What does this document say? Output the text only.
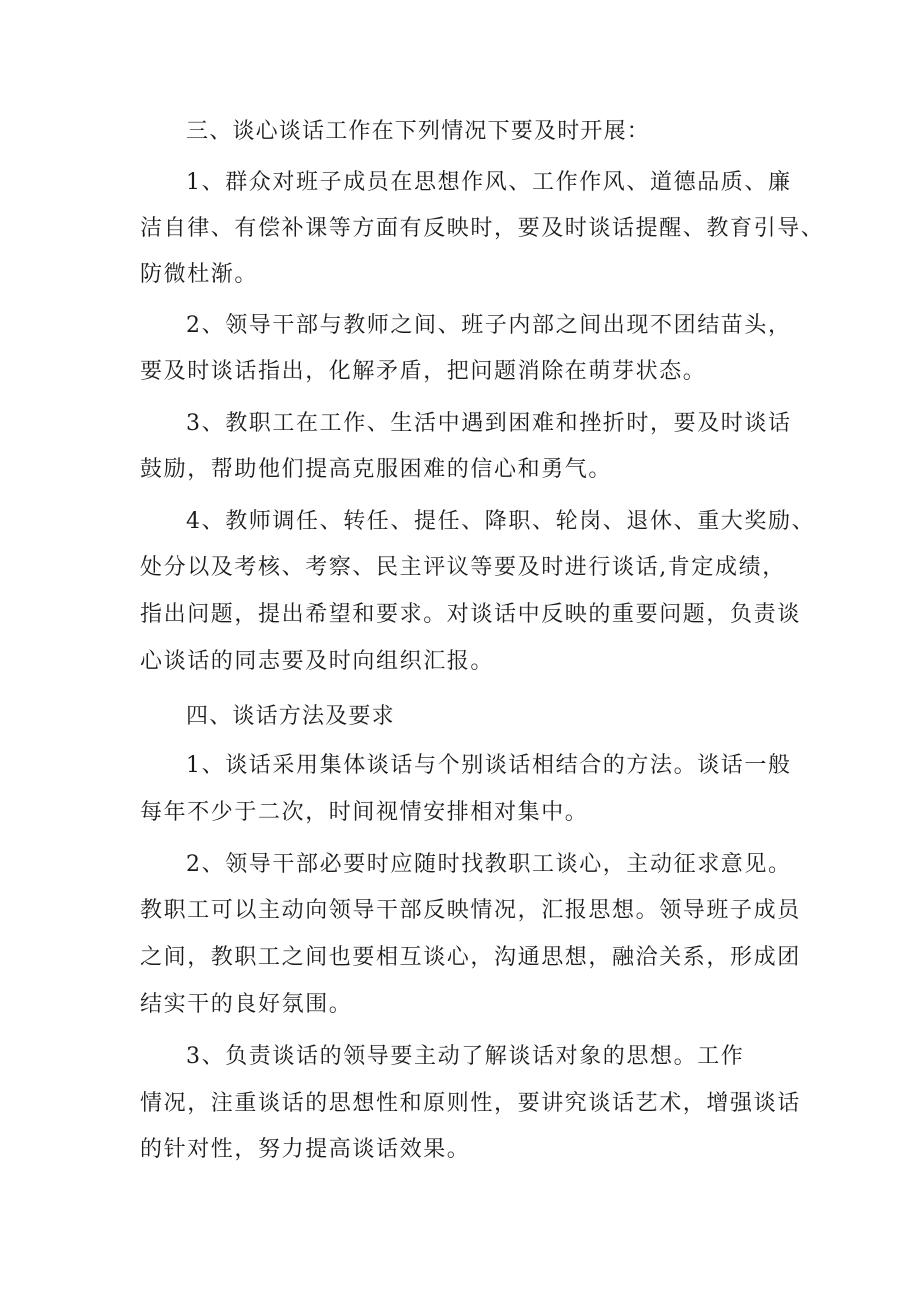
三、谈心谈话工作在下列情况下要及时开展：
1、群众对班子成员在思想作风、工作作风、道德品质、廉
洁自律、有偿补课等方面有反映时，要及时谈话提醒、教育引导、
防微杜渐。
2、领导干部与教师之间、班子内部之间出现不团结苗头，
要及时谈话指出，化解矛盾，把问题消除在萌芽状态。
3、教职工在工作、生活中遇到困难和挫折时，要及时谈话
鼓励，帮助他们提高克服困难的信心和勇气。
4、教师调任、转任、提任、降职、轮岗、退休、重大奖励、
处分以及考核、考察、民主评议等要及时进行谈话,肯定成绩，
指出问题，提出希望和要求。对谈话中反映的重要问题，负责谈
心谈话的同志要及时向组织汇报。
四、谈话方法及要求
1、谈话采用集体谈话与个别谈话相结合的方法。谈话一般
每年不少于二次，时间视情安排相对集中。
2、领导干部必要时应随时找教职工谈心，主动征求意见。
教职工可以主动向领导干部反映情况，汇报思想。领导班子成员
之间，教职工之间也要相互谈心，沟通思想，融洽关系，形成团
结实干的良好氛围。
3、负责谈话的领导要主动了解谈话对象的思想。工作
情况，注重谈话的思想性和原则性，要讲究谈话艺术，增强谈话
的针对性，努力提高谈话效果。
